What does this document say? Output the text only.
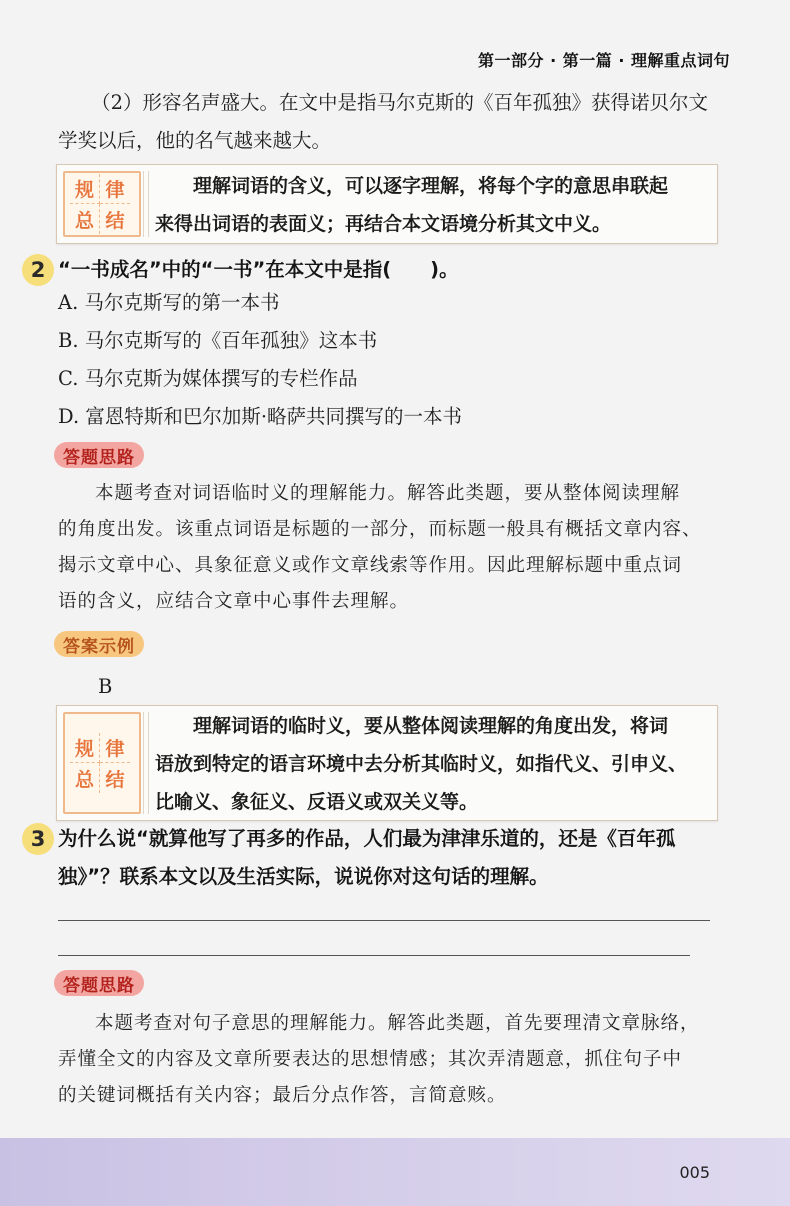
第一部分 · 第一篇 · 理解重点词句
（2）形容名声盛大。在文中是指马尔克斯的《百年孤独》获得诺贝尔文
学奖以后，他的名气越来越大。
规 律
总 结
理解词语的含义，可以逐字理解，将每个字的意思串联起
来得出词语的表面义；再结合本文语境分析其文中义。
2 “一书成名”中的“一书”在本文中是指(　　)。
A. 马尔克斯写的第一本书
B. 马尔克斯写的《百年孤独》这本书
C. 马尔克斯为媒体撰写的专栏作品
D. 富恩特斯和巴尔加斯·略萨共同撰写的一本书
答题思路
本题考查对词语临时义的理解能力。解答此类题，要从整体阅读理解
的角度出发。该重点词语是标题的一部分，而标题一般具有概括文章内容、
揭示文章中心、具象征意义或作文章线索等作用。因此理解标题中重点词
语的含义，应结合文章中心事件去理解。
答案示例
B
规 律
总 结
理解词语的临时义，要从整体阅读理解的角度出发，将词
语放到特定的语言环境中去分析其临时义，如指代义、引申义、
比喻义、象征义、反语义或双关义等。
3 为什么说“就算他写了再多的作品，人们最为津津乐道的，还是《百年孤
独》”？联系本文以及生活实际，说说你对这句话的理解。
答题思路
本题考查对句子意思的理解能力。解答此类题，首先要理清文章脉络，
弄懂全文的内容及文章所要表达的思想情感；其次弄清题意，抓住句子中
的关键词概括有关内容；最后分点作答，言简意赅。
005
